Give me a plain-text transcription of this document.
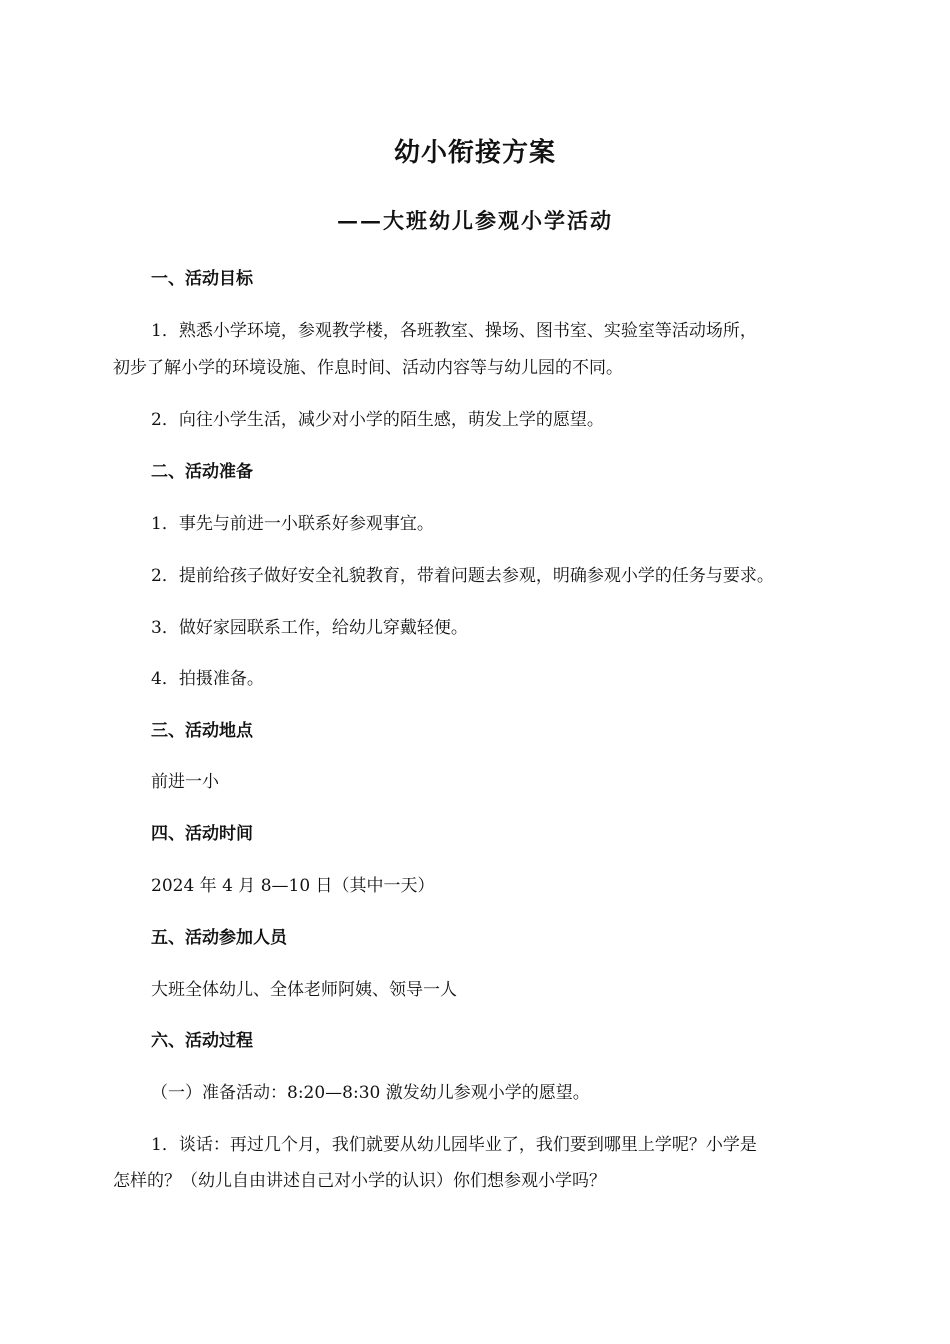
幼小衔接方案
——大班幼儿参观小学活动
一、活动目标
1．熟悉小学环境，参观教学楼，各班教室、操场、图书室、实验室等活动场所，
初步了解小学的环境设施、作息时间、活动内容等与幼儿园的不同。
2．向往小学生活，减少对小学的陌生感，萌发上学的愿望。
二、活动准备
1．事先与前进一小联系好参观事宜。
2．提前给孩子做好安全礼貌教育，带着问题去参观，明确参观小学的任务与要求。
3．做好家园联系工作，给幼儿穿戴轻便。
4．拍摄准备。
三、活动地点
前进一小
四、活动时间
2024 年 4 月 8—10 日（其中一天）
五、活动参加人员
大班全体幼儿、全体老师阿姨、领导一人
六、活动过程
（一）准备活动：8:20—8:30 激发幼儿参观小学的愿望。
1．谈话：再过几个月，我们就要从幼儿园毕业了，我们要到哪里上学呢？小学是
怎样的？（幼儿自由讲述自己对小学的认识）你们想参观小学吗？
